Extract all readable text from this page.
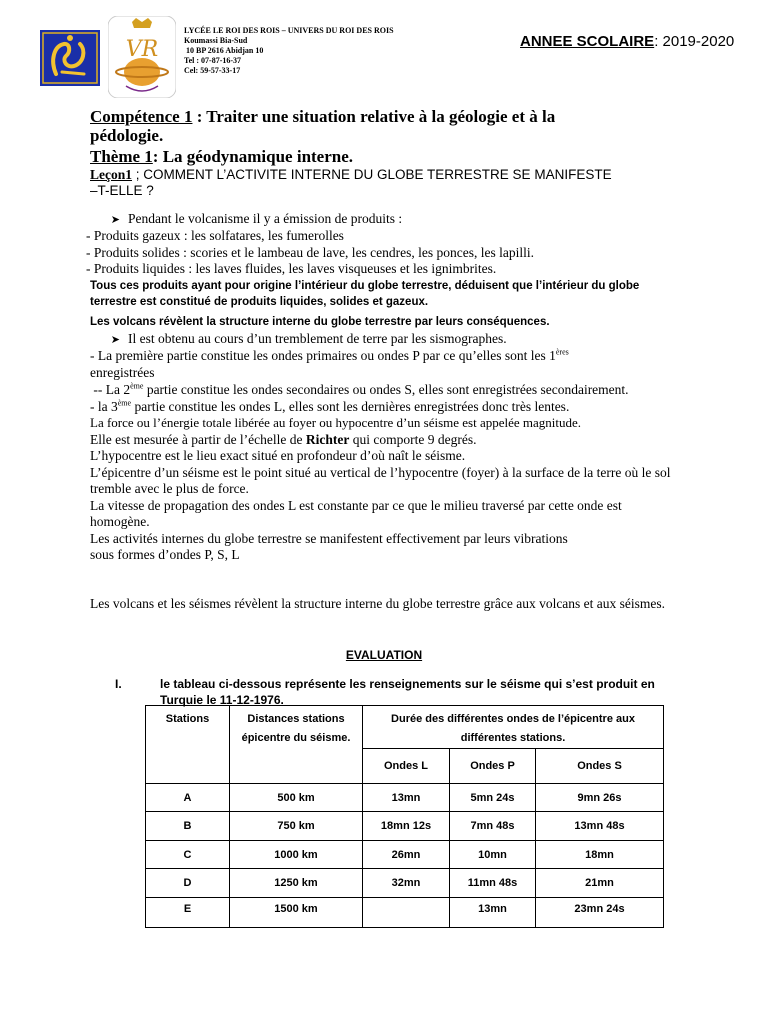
VR
LYCÉE LE ROI DES ROIS – UNIVERS DU ROI DES ROIS
Koumassi Bia-Sud
10 BP 2616 Abidjan 10
Tel : 07-87-16-37
Cel: 59-57-33-17
ANNEE SCOLAIRE: 2019-2020
Compétence 1 : Traiter une situation relative à la géologie et à la
pédologie.
Thème 1: La géodynamique interne.
Leçon1 ; COMMENT L’ACTIVITE INTERNE DU GLOBE TERRESTRE SE MANIFESTE
–T-ELLE ?
➤ Pendant le volcanisme il y a émission de produits :
- Produits gazeux : les solfatares, les fumerolles
- Produits solides : scories et le lambeau de lave, les cendres, les ponces, les lapilli.
- Produits liquides : les laves fluides, les laves visqueuses et les ignimbrites.
Tous ces produits ayant pour origine l’intérieur du globe terrestre, déduisent que l’intérieur du globe terrestre est constitué de produits liquides, solides et gazeux.
Les volcans révèlent la structure interne du globe terrestre par leurs conséquences.
➤ Il est obtenu au cours d’un tremblement de terre par les sismographes.
- La première partie constitue les ondes primaires ou ondes P par ce qu’elles sont les 1ères
enregistrées
-- La 2ème partie constitue les ondes secondaires ou ondes S, elles sont enregistrées secondairement.
- la 3ème partie constitue les ondes L, elles sont les dernières enregistrées donc très lentes.
La force ou l’énergie totale libérée au foyer ou hypocentre d’un séisme est appelée magnitude.
Elle est mesurée à partir de l’échelle de Richter qui comporte 9 degrés.
L’hypocentre est le lieu exact situé en profondeur d’où naît le séisme.
L’épicentre d’un séisme est le point situé au vertical de l’hypocentre (foyer) à la surface de la terre où le sol tremble avec le plus de force.
La vitesse de propagation des ondes L est constante par ce que le milieu traversé par cette onde est homogène.
Les activités internes du globe terrestre se manifestent effectivement par leurs vibrations sous formes d’ondes P, S, L
Les volcans et les séismes révèlent la structure interne du globe terrestre grâce aux volcans et aux séismes.
EVALUATION
I.	le tableau ci-dessous représente les renseignements sur le séisme qui s’est produit en Turquie le 11-12-1976.
Stations	Distances stations épicentre du séisme.	Durée des différentes ondes de l’épicentre aux différentes stations.		
		Ondes L	Ondes P	Ondes S
A	500 km	13mn	5mn 24s	9mn 26s
B	750 km	18mn 12s	7mn 48s	13mn 48s
C	1000 km	26mn	10mn	18mn
D	1250 km	32mn	11mn 48s	21mn
E	1500 km		13mn	23mn 24s
